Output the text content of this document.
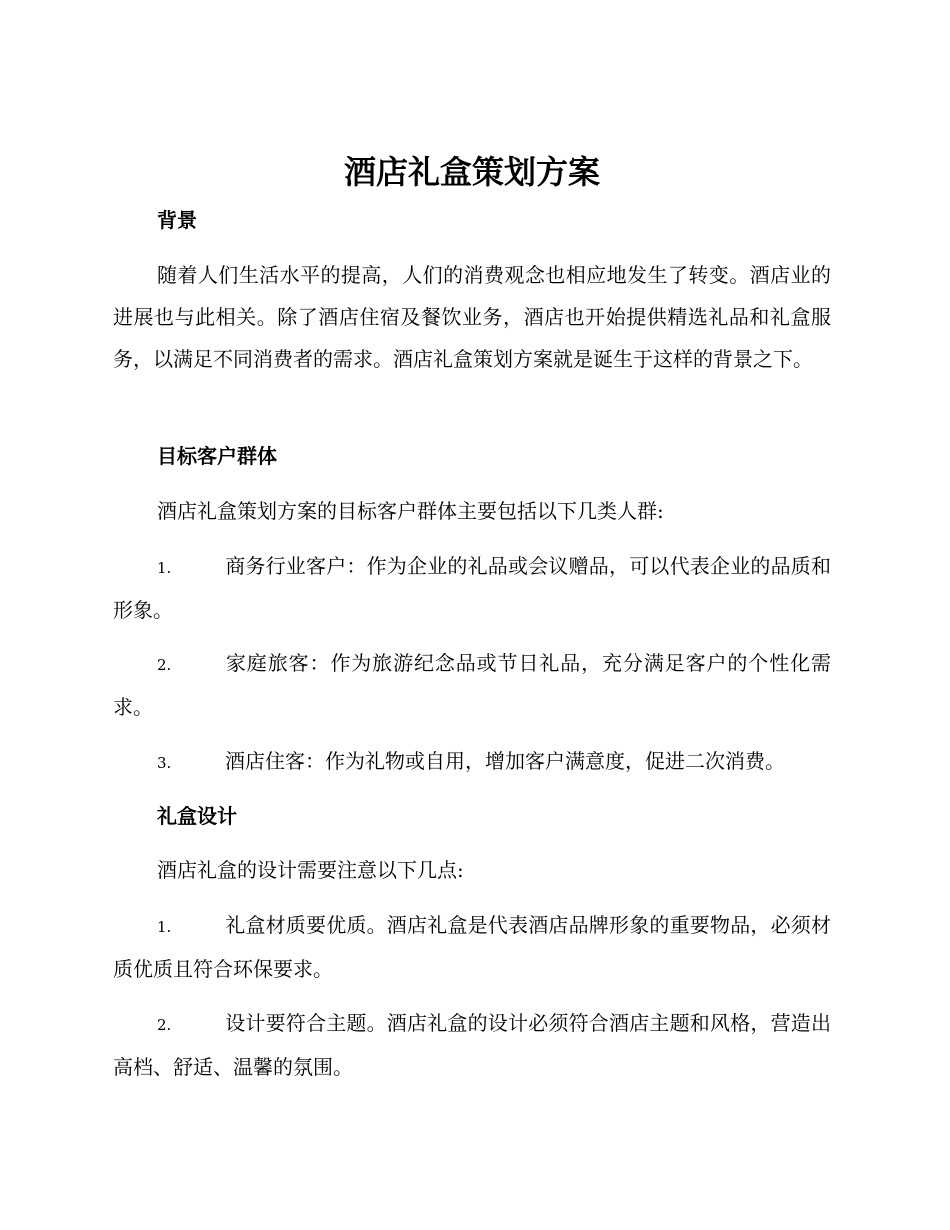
酒店礼盒策划方案
背景

随着人们生活水平的提高，人们的消费观念也相应地发生了转变。酒店业的进展也与此相关。除了酒店住宿及餐饮业务，酒店也开始提供精选礼品和礼盒服务，以满足不同消费者的需求。酒店礼盒策划方案就是诞生于这样的背景之下。

目标客户群体

酒店礼盒策划方案的目标客户群体主要包括以下几类人群:

1.	商务行业客户：作为企业的礼品或会议赠品，可以代表企业的品质和形象。

2.	家庭旅客：作为旅游纪念品或节日礼品，充分满足客户的个性化需求。

3.	酒店住客：作为礼物或自用，增加客户满意度，促进二次消费。

礼盒设计

酒店礼盒的设计需要注意以下几点:

1.	礼盒材质要优质。酒店礼盒是代表酒店品牌形象的重要物品，必须材质优质且符合环保要求。

2.	设计要符合主题。酒店礼盒的设计必须符合酒店主题和风格，营造出高档、舒适、温馨的氛围。
